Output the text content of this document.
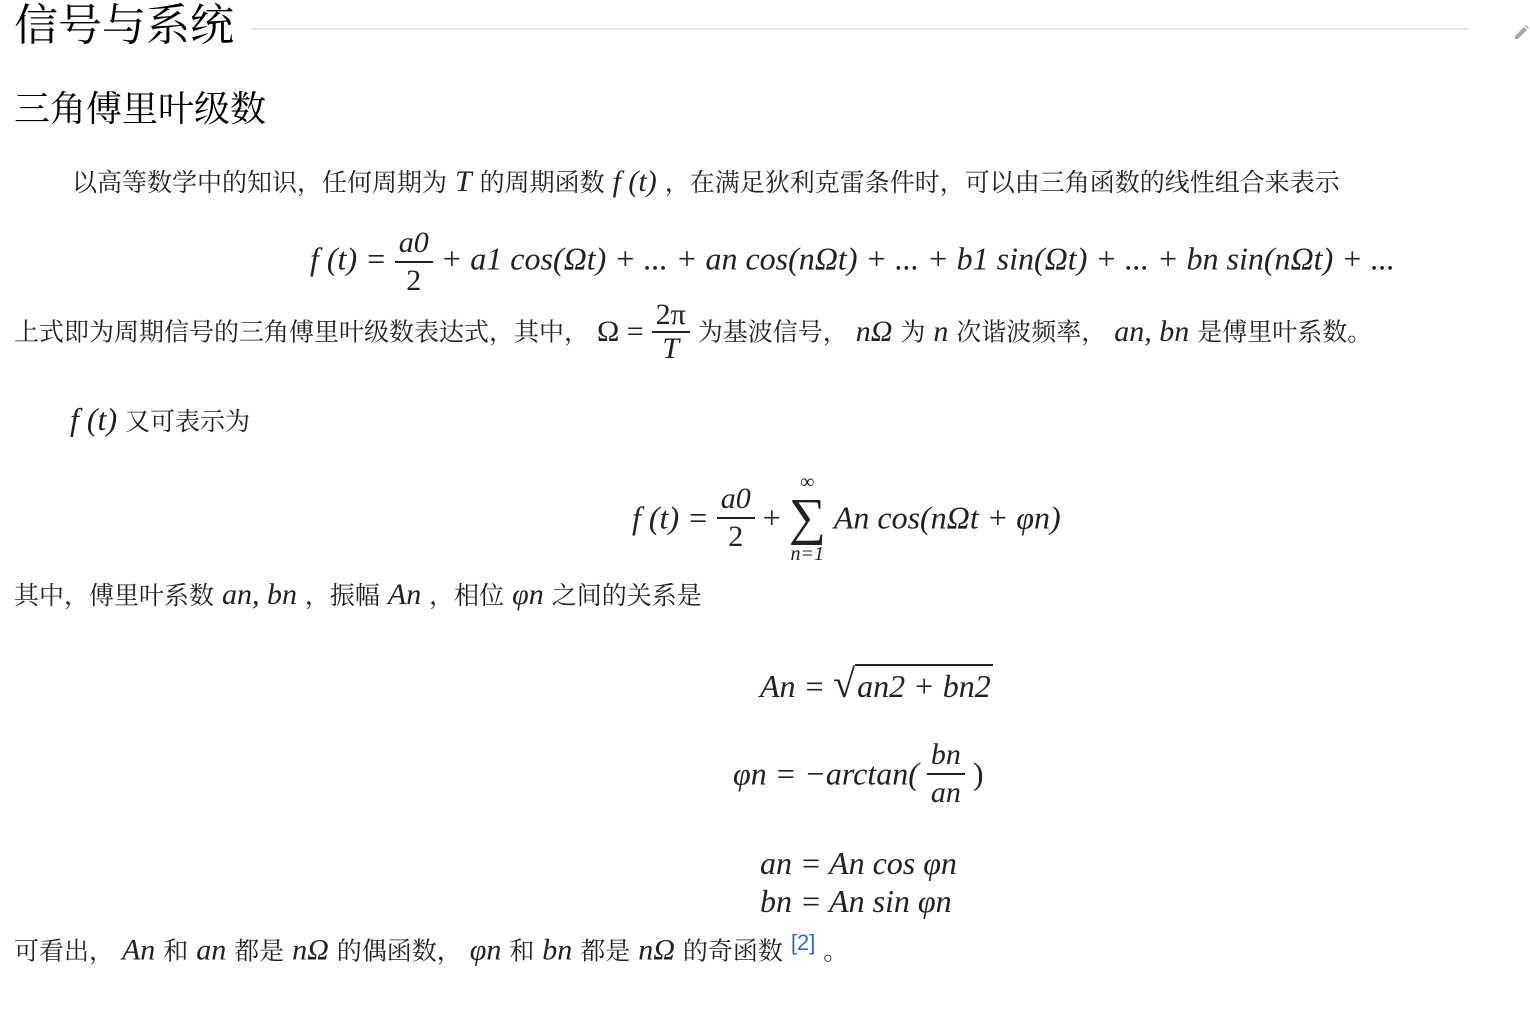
信号与系统
三角傅里叶级数
以高等数学中的知识，任何周期为 T 的周期函数 f (t) ，在满足狄利克雷条件时，可以由三角函数的线性组合来表示
f $(t) = \frac{a0}{2} + a1$ cos(Ωt) + ... + an cos(nΩt) + ... + b1 sin(Ωt) + ... + bn sin(nΩt) + ...
上式即为周期信号的三角傅里叶级数表达式，其中， $\Omega = \frac{2\pi}{T}$ 为基波信号， nΩ 为 n 次谐波频率， an, bn 是傅里叶系数。
f (t) 又可表示为
f $(t) = \frac{a0}{2}$ +
∞
∑
n=1
An cos(nΩt + φn)
其中，傅里叶系数 an, bn ，振幅 An ，相位 φn 之间的关系是
An = √an2 + bn2
$\varphi n = -\arctan( \frac{bn}{an}$ )
an = An cos φn
bn = An sin φn
可看出， An 和 an 都是 nΩ 的偶函数， φn 和 bn 都是 nΩ 的奇函数 [2] 。
